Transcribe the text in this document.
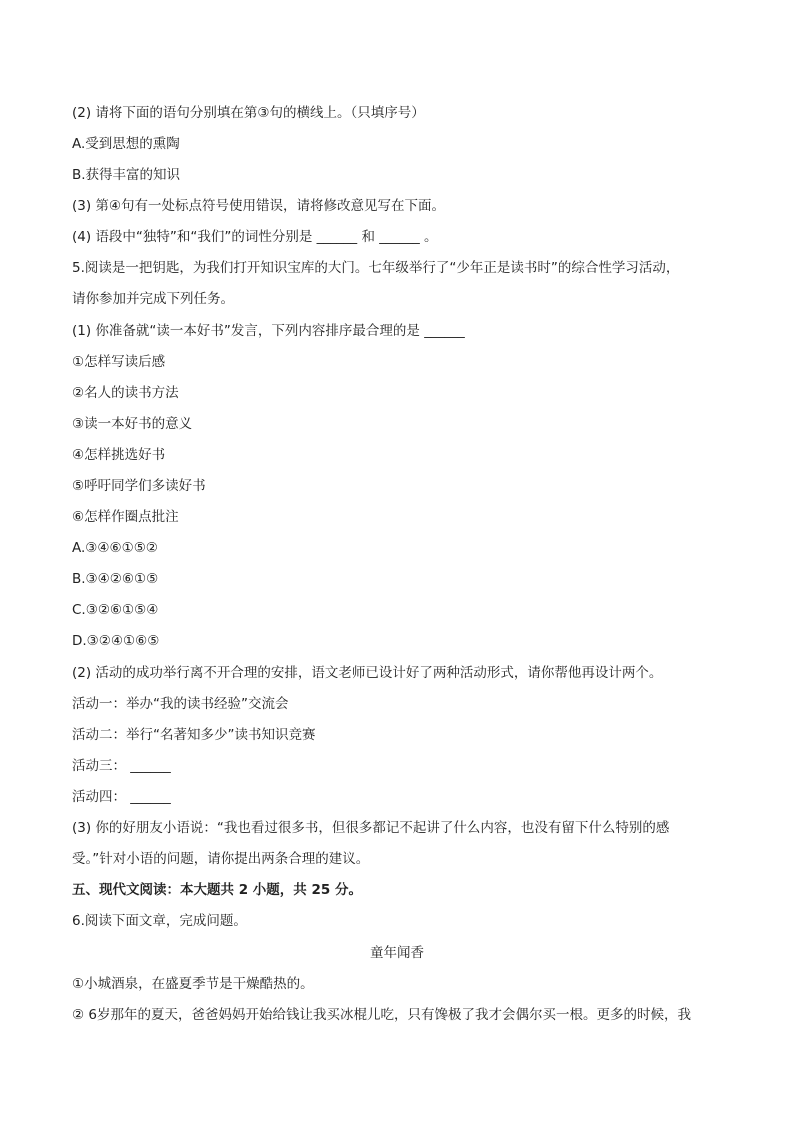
(2) 请将下面的语句分别填在第③句的横线上。（只填序号）
A.受到思想的熏陶
B.获得丰富的知识
(3) 第④句有一处标点符号使用错误，请将修改意见写在下面。
(4) 语段中“独特”和“我们”的词性分别是 ______ 和 ______ 。
5.阅读是一把钥匙，为我们打开知识宝库的大门。七年级举行了“少年正是读书时”的综合性学习活动，
请你参加并完成下列任务。
(1) 你准备就“读一本好书”发言，下列内容排序最合理的是 ______
①怎样写读后感
②名人的读书方法
③读一本好书的意义
④怎样挑选好书
⑤呼吁同学们多读好书
⑥怎样作圈点批注
A.③④⑥①⑤②
B.③④②⑥①⑤
C.③②⑥①⑤④
D.③②④①⑥⑤
(2) 活动的成功举行离不开合理的安排，语文老师已设计好了两种活动形式，请你帮他再设计两个。
活动一：举办“我的读书经验”交流会
活动二：举行“名著知多少”读书知识竞赛
活动三： ______
活动四： ______
(3) 你的好朋友小语说：“我也看过很多书，但很多都记不起讲了什么内容，也没有留下什么特别的感
受。”针对小语的问题，请你提出两条合理的建议。
五、现代文阅读：本大题共 2 小题，共 25 分。
6.阅读下面文章，完成问题。
童年闻香
①小城酒泉，在盛夏季节是干燥酷热的。
② 6岁那年的夏天，爸爸妈妈开始给钱让我买冰棍儿吃，只有馋极了我才会偶尔买一根。更多的时候，我
